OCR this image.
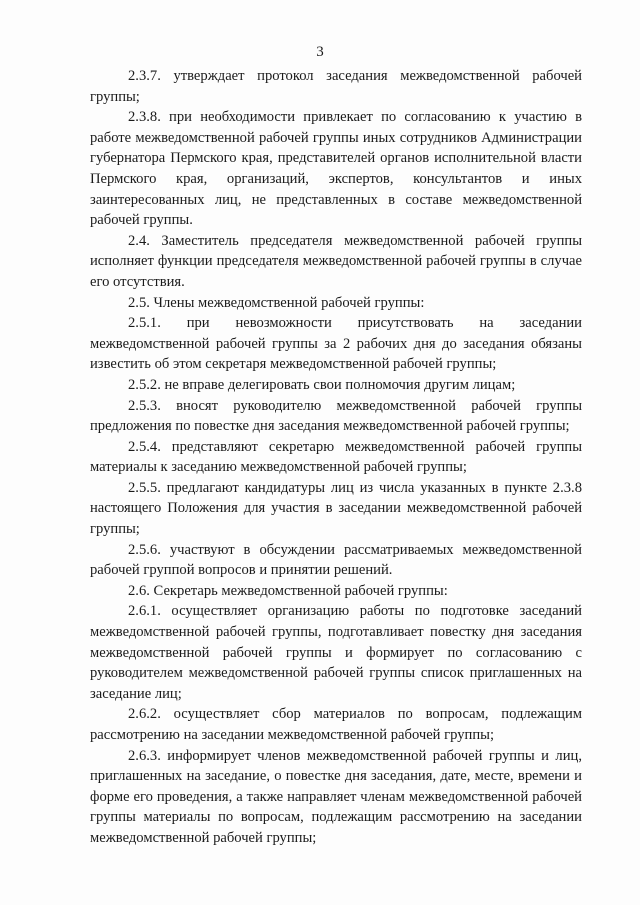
3

2.3.7. утверждает протокол заседания межведомственной рабочей группы;

2.3.8. при необходимости привлекает по согласованию к участию в работе межведомственной рабочей группы иных сотрудников Администрации губернатора Пермского края, представителей органов исполнительной власти Пермского края, организаций, экспертов, консультантов и иных заинтересованных лиц, не представленных в составе межведомственной рабочей группы.

2.4. Заместитель председателя межведомственной рабочей группы исполняет функции председателя межведомственной рабочей группы в случае его отсутствия.

2.5. Члены межведомственной рабочей группы:

2.5.1. при невозможности присутствовать на заседании межведомственной рабочей группы за 2 рабочих дня до заседания обязаны известить об этом секретаря межведомственной рабочей группы;

2.5.2. не вправе делегировать свои полномочия другим лицам;

2.5.3. вносят руководителю межведомственной рабочей группы предложения по повестке дня заседания межведомственной рабочей группы;

2.5.4. представляют секретарю межведомственной рабочей группы материалы к заседанию межведомственной рабочей группы;

2.5.5. предлагают кандидатуры лиц из числа указанных в пункте 2.3.8 настоящего Положения для участия в заседании межведомственной рабочей группы;

2.5.6. участвуют в обсуждении рассматриваемых межведомственной рабочей группой вопросов и принятии решений.

2.6. Секретарь межведомственной рабочей группы:

2.6.1. осуществляет организацию работы по подготовке заседаний межведомственной рабочей группы, подготавливает повестку дня заседания межведомственной рабочей группы и формирует по согласованию с руководителем межведомственной рабочей группы список приглашенных на заседание лиц;

2.6.2. осуществляет сбор материалов по вопросам, подлежащим рассмотрению на заседании межведомственной рабочей группы;

2.6.3. информирует членов межведомственной рабочей группы и лиц, приглашенных на заседание, о повестке дня заседания, дате, месте, времени и форме его проведения, а также направляет членам межведомственной рабочей группы материалы по вопросам, подлежащим рассмотрению на заседании межведомственной рабочей группы;
